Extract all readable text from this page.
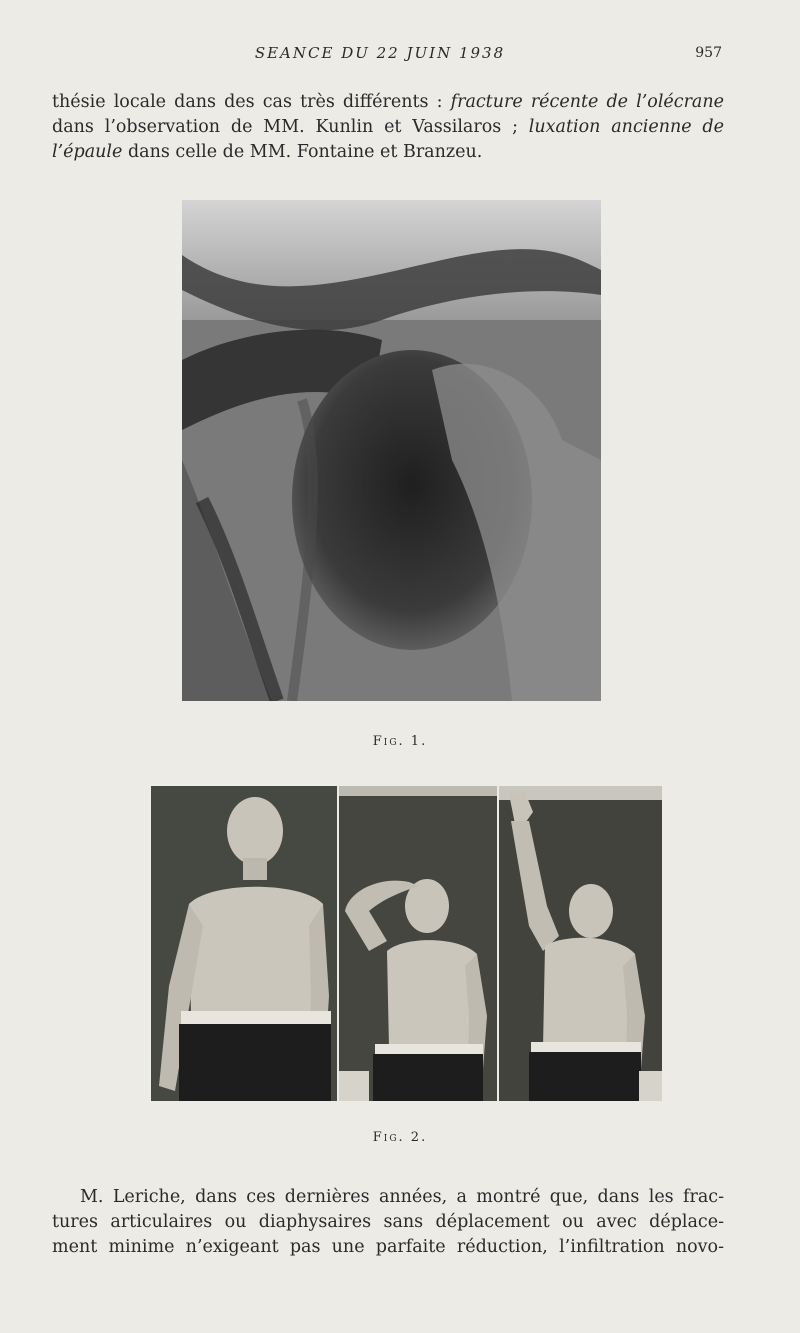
SEANCE DU 22 JUIN 1938	957
thésie locale dans des cas très différents : fracture récente de l’olécrane
dans l’observation de MM. Kunlin et Vassilaros ; luxation ancienne de
l’épaule dans celle de MM. Fontaine et Branzeu.
Fig. 1.
Fig. 2.
M. Leriche, dans ces dernières années, a montré que, dans les frac-
tures articulaires ou diaphysaires sans déplacement ou avec déplace-
ment minime n’exigeant pas une parfaite réduction, l’infiltration novo-
